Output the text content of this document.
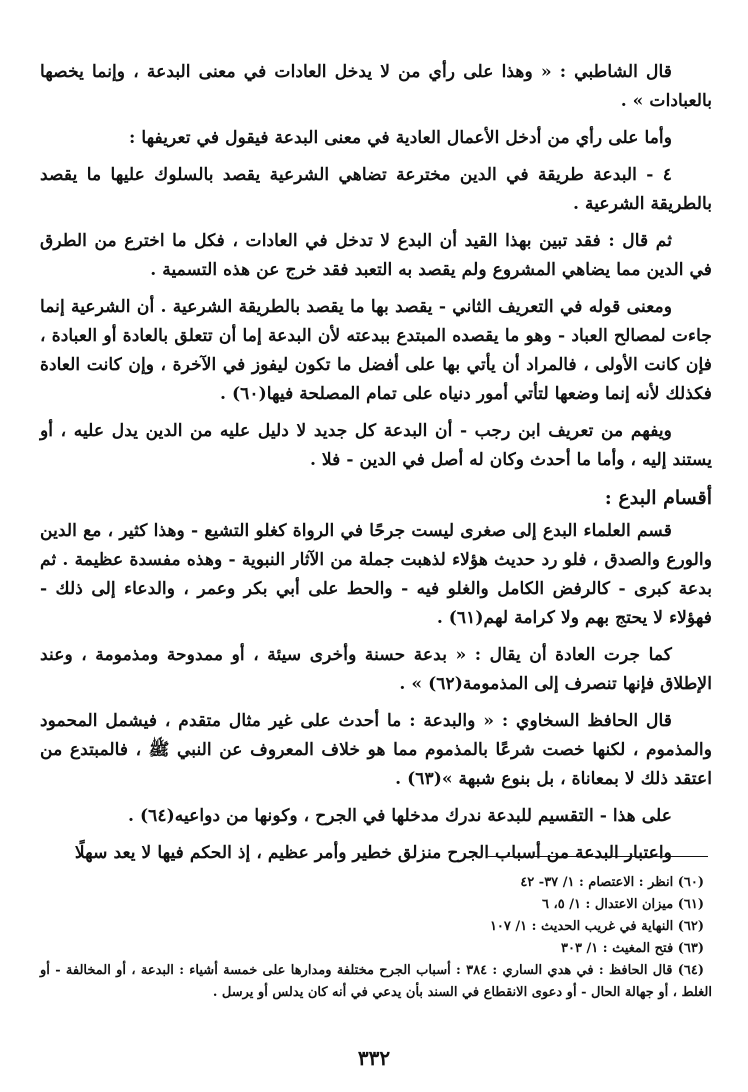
قال الشاطبي : « وهذا على رأي من لا يدخل العادات في معنى البدعة ، وإنما يخصها بالعبادات » .

وأما على رأي من أدخل الأعمال العادية في معنى البدعة فيقول في تعريفها :

٤ - البدعة طريقة في الدين مخترعة تضاهي الشرعية يقصد بالسلوك عليها ما يقصد بالطريقة الشرعية .

ثم قال : فقد تبين بهذا القيد أن البدع لا تدخل في العادات ، فكل ما اخترع من الطرق في الدين مما يضاهي المشروع ولم يقصد به التعبد فقد خرج عن هذه التسمية .

ومعنى قوله في التعريف الثاني - يقصد بها ما يقصد بالطريقة الشرعية . أن الشرعية إنما جاءت لمصالح العباد - وهو ما يقصده المبتدع ببدعته لأن البدعة إما أن تتعلق بالعادة أو العبادة ، فإن كانت الأولى ، فالمراد أن يأتي بها على أفضل ما تكون ليفوز في الآخرة ، وإن كانت العادة فكذلك لأنه إنما وضعها لتأتي أمور دنياه على تمام المصلحة فيها(٦٠) .

ويفهم من تعريف ابن رجب - أن البدعة كل جديد لا دليل عليه من الدين يدل عليه ، أو يستند إليه ، وأما ما أحدث وكان له أصل في الدين - فلا .

أقسام البدع :

قسم العلماء البدع إلى صغرى ليست جرحًا في الرواة كغلو التشيع - وهذا كثير ، مع الدين والورع والصدق ، فلو رد حديث هؤلاء لذهبت جملة من الآثار النبوية - وهذه مفسدة عظيمة . ثم بدعة كبرى - كالرفض الكامل والغلو فيه - والحط على أبي بكر وعمر ، والدعاء إلى ذلك - فهؤلاء لا يحتج بهم ولا كرامة لهم(٦١) .

كما جرت العادة أن يقال : « بدعة حسنة وأخرى سيئة ، أو ممدوحة ومذمومة ، وعند الإطلاق فإنها تنصرف إلى المذمومة(٦٢) » .

قال الحافظ السخاوي : « والبدعة : ما أحدث على غير مثال متقدم ، فيشمل المحمود والمذموم ، لكنها خصت شرعًا بالمذموم مما هو خلاف المعروف عن النبي ﷺ ، فالمبتدع من اعتقد ذلك لا بمعاناة ، بل بنوع شبهة »(٦٣) .

على هذا - التقسيم للبدعة ندرك مدخلها في الجرح ، وكونها من دواعيه(٦٤) .

واعتبار البدعة من أسباب الجرح منزلق خطير وأمر عظيم ، إذ الحكم فيها لا يعد سهلًا

(٦٠) انظر : الاعتصام : ١/ ٣٧- ٤٢

(٦١) ميزان الاعتدال : ١/ ٥، ٦

(٦٢) النهاية في غريب الحديث : ١/ ١٠٧

(٦٣) فتح المغيث : ١/ ٣٠٣

(٦٤) قال الحافظ : في هدي الساري : ٣٨٤ : أسباب الجرح مختلفة ومدارها على خمسة أشياء : البدعة ، أو المخالفة - أو الغلط ، أو جهالة الحال - أو دعوى الانقطاع في السند بأن يدعي في أنه كان يدلس أو يرسل .

٣٣٢
